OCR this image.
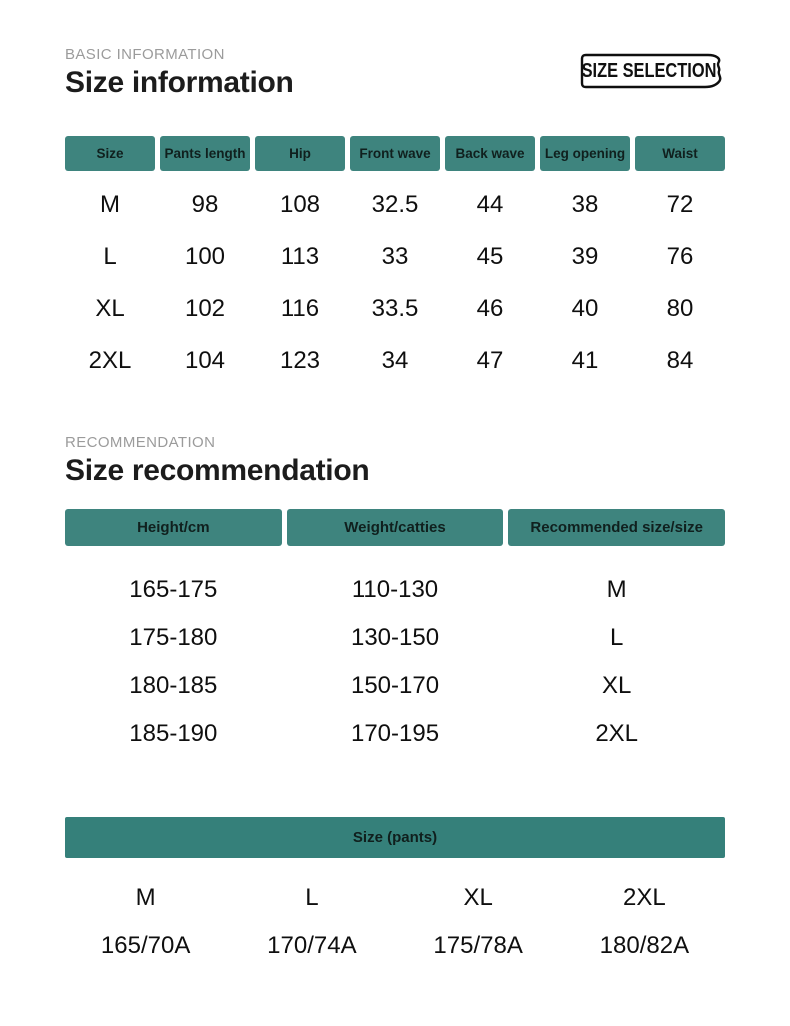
BASIC INFORMATION
Size information	SIZE SELECTION
Size	Pants length	Hip	Front wave	Back wave	Leg opening	Waist
M	98	108	32.5	44	38	72
L	100	113	33	45	39	76
XL	102	116	33.5	46	40	80
2XL	104	123	34	47	41	84
RECOMMENDATION
Size recommendation
Height/cm	Weight/catties	Recommended size/size
165-175	110-130	M
175-180	130-150	L
180-185	150-170	XL
185-190	170-195	2XL
Size (pants)
M	L	XL	2XL
165/70A	170/74A	175/78A	180/82A
